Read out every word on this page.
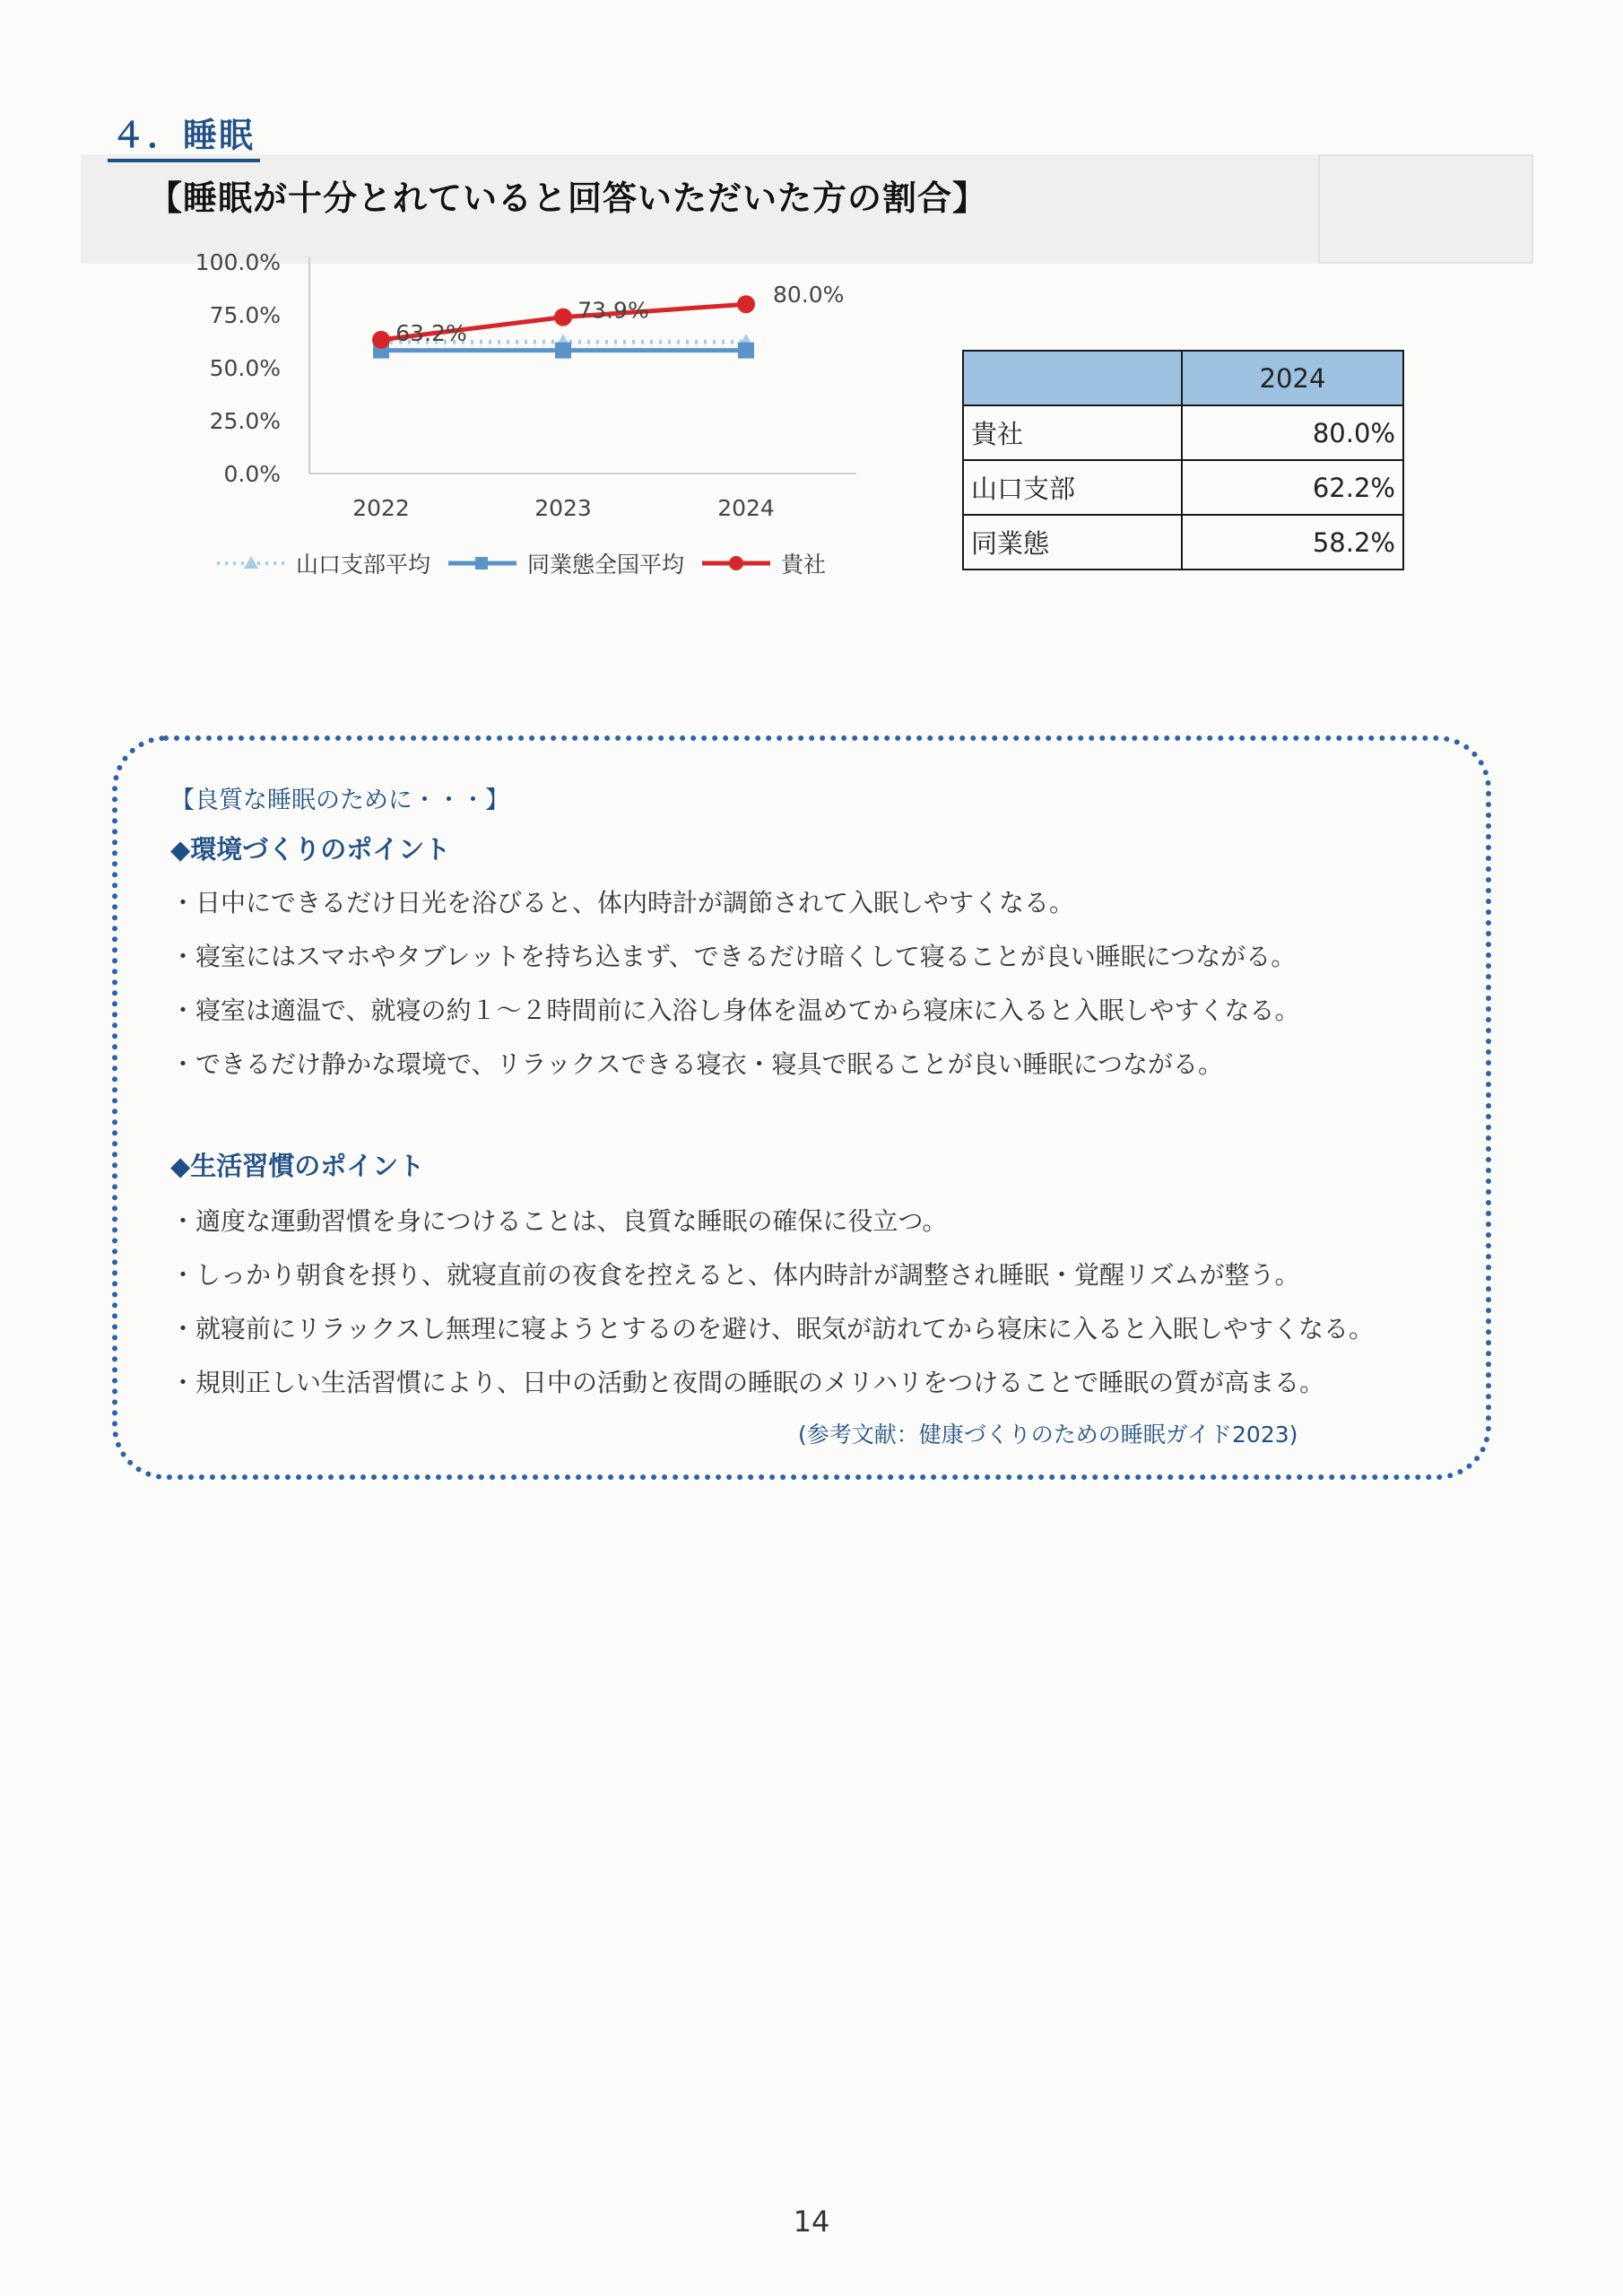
４．睡眠
【睡眠が十分とれていると回答いただいた方の割合】
100.0%
75.0%
50.0%
25.0%
0.0%
2022	2023	2024
63.2%
73.9%
80.0%
山口支部平均	同業態全国平均	貴社
	2024
貴社	80.0%
山口支部	62.2%
同業態	58.2%
【良質な睡眠のために・・・】
◆環境づくりのポイント
・日中にできるだけ日光を浴びると、体内時計が調節されて入眠しやすくなる。
・寝室にはスマホやタブレットを持ち込まず、できるだけ暗くして寝ることが良い睡眠につながる。
・寝室は適温で、就寝の約１～２時間前に入浴し身体を温めてから寝床に入ると入眠しやすくなる。
・できるだけ静かな環境で、リラックスできる寝衣・寝具で眠ることが良い睡眠につながる。
◆生活習慣のポイント
・適度な運動習慣を身につけることは、良質な睡眠の確保に役立つ。
・しっかり朝食を摂り、就寝直前の夜食を控えると、体内時計が調整され睡眠・覚醒リズムが整う。
・就寝前にリラックスし無理に寝ようとするのを避け、眠気が訪れてから寝床に入ると入眠しやすくなる。
・規則正しい生活習慣により、日中の活動と夜間の睡眠のメリハリをつけることで睡眠の質が高まる。
(参考文献：健康づくりのための睡眠ガイド2023)
14
